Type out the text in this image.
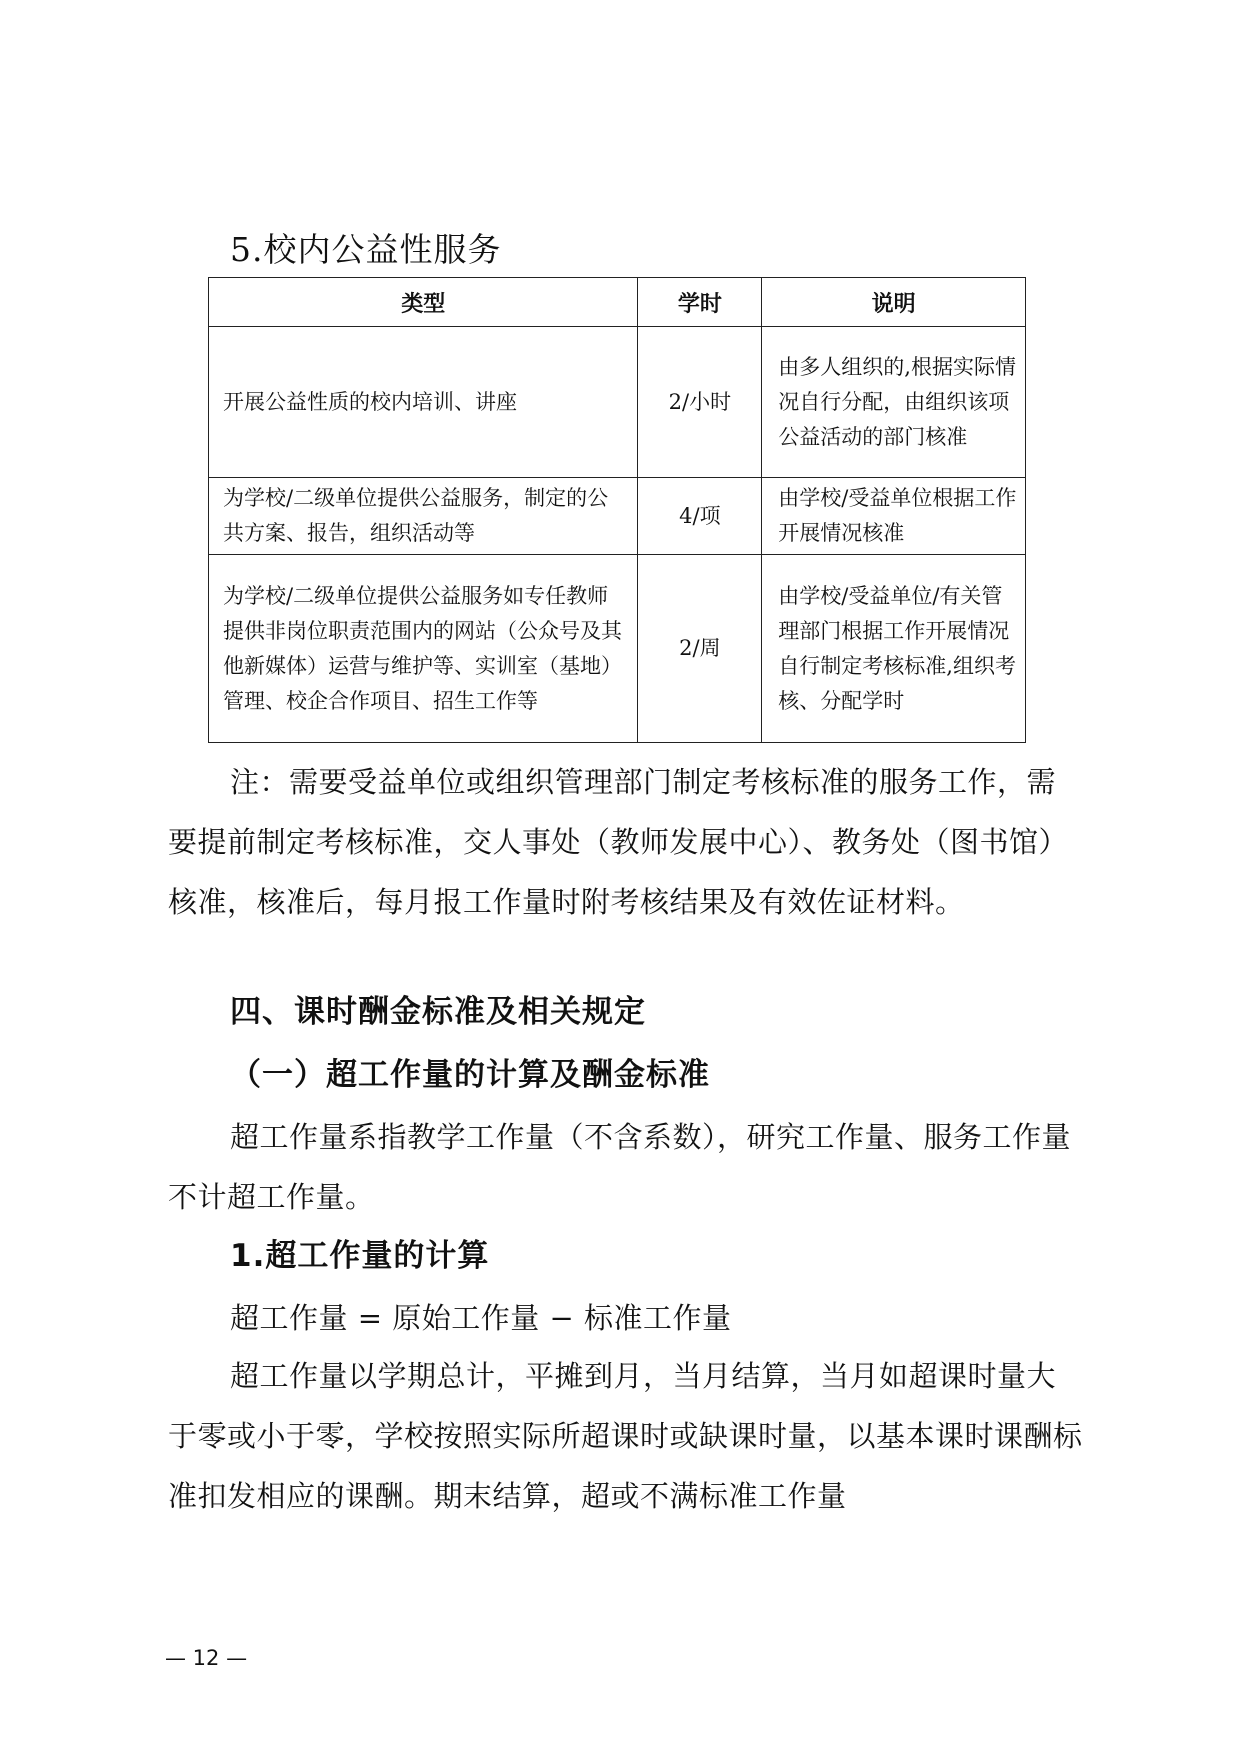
5.校内公益性服务
类型	学时	说明
开展公益性质的校内培训、讲座	2/小时	由多人组织的,根据实际情况自行分配，由组织该项公益活动的部门核准
为学校/二级单位提供公益服务，制定的公共方案、报告，组织活动等	4/项	由学校/受益单位根据工作开展情况核准
为学校/二级单位提供公益服务如专任教师提供非岗位职责范围内的网站（公众号及其他新媒体）运营与维护等、实训室（基地） 管理、校企合作项目、招生工作等	2/周	由学校/受益单位/有关管理部门根据工作开展情况自行制定考核标准,组织考核、分配学时
注：需要受益单位或组织管理部门制定考核标准的服务工作，需要提前制定考核标准，交人事处（教师发展中心）、教务处（图书馆）核准，核准后，每月报工作量时附考核结果及有效佐证材料。
四、课时酬金标准及相关规定
（一）超工作量的计算及酬金标准
超工作量系指教学工作量（不含系数），研究工作量、服务工作量不计超工作量。
1.超工作量的计算
超工作量 = 原始工作量 − 标准工作量
超工作量以学期总计，平摊到月，当月结算，当月如超课时量大于零或小于零，学校按照实际所超课时或缺课时量，以基本课时课酬标准扣发相应的课酬。期末结算，超或不满标准工作量
— 12 —
